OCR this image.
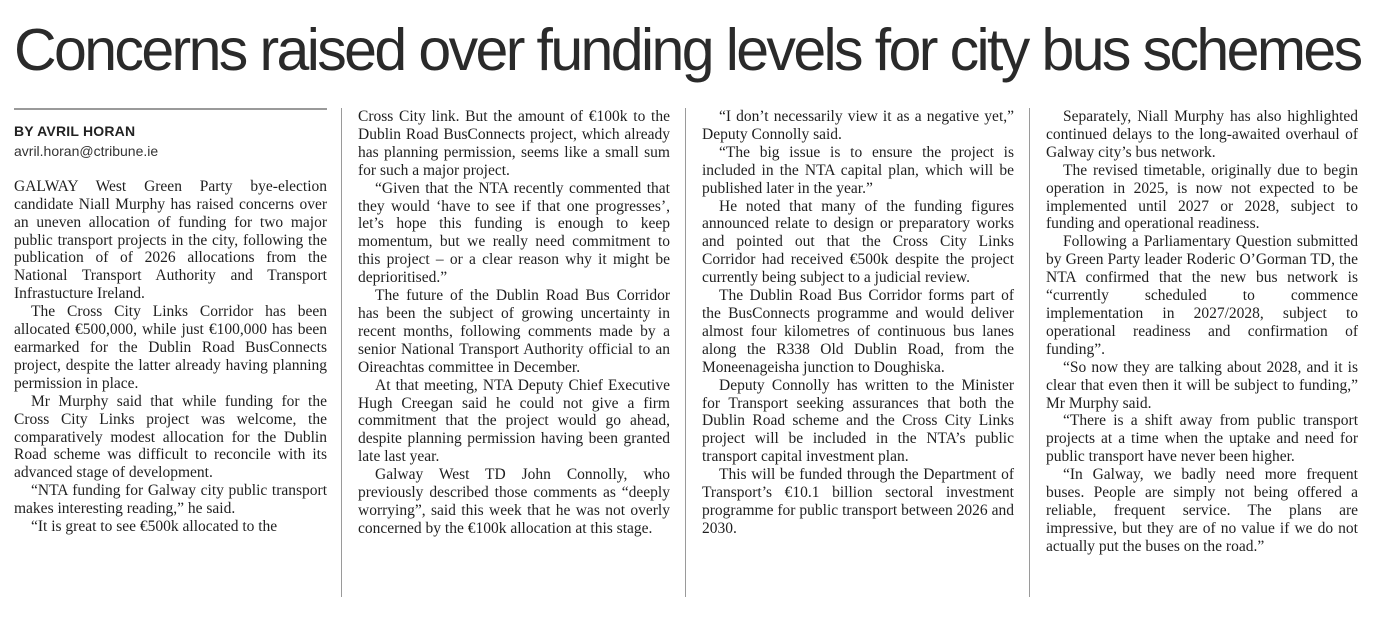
Concerns raised over funding levels for city bus schemes
BY AVRIL HORAN
avril.horan@ctribune.ie

GALWAY West Green Party bye-election candidate Niall Murphy has raised concerns over an uneven allocation of funding for two major public transport projects in the city, following the publication of of 2026 allocations from the National Transport Authority and Transport Infrastucture Ireland.

The Cross City Links Corridor has been allocated €500,000, while just €100,000 has been earmarked for the Dublin Road BusConnects project, despite the latter already having planning permission in place.

Mr Murphy said that while funding for the Cross City Links project was welcome, the comparatively modest allocation for the Dublin Road scheme was difficult to reconcile with its advanced stage of development.

“NTA funding for Galway city public transport makes interesting reading,” he said.

“It is great to see €500k allocated to the

Cross City link. But the amount of €100k to the Dublin Road BusConnects project, which already has planning permission, seems like a small sum for such a major project.

“Given that the NTA recently commented that they would ‘have to see if that one progresses’, let’s hope this funding is enough to keep momentum, but we really need commitment to this project – or a clear reason why it might be deprioritised.”

The future of the Dublin Road Bus Corridor has been the subject of growing uncertainty in recent months, following comments made by a senior National Transport Authority official to an Oireachtas committee in December.

At that meeting, NTA Deputy Chief Executive Hugh Creegan said he could not give a firm commitment that the project would go ahead, despite planning permission having been granted late last year.

Galway West TD John Connolly, who previously described those comments as “deeply worrying”, said this week that he was not overly concerned by the €100k allocation at this stage.

“I don’t necessarily view it as a negative yet,” Deputy Connolly said.

“The big issue is to ensure the project is included in the NTA capital plan, which will be published later in the year.”

He noted that many of the funding figures announced relate to design or preparatory works and pointed out that the Cross City Links Corridor had received €500k despite the project currently being subject to a judicial review.

The Dublin Road Bus Corridor forms part of the BusConnects programme and would deliver almost four kilometres of continuous bus lanes along the R338 Old Dublin Road, from the Moneenageisha junction to Doughiska.

Deputy Connolly has written to the Minister for Transport seeking assurances that both the Dublin Road scheme and the Cross City Links project will be included in the NTA’s public transport capital investment plan.

This will be funded through the Department of Transport’s €10.1 billion sectoral investment programme for public transport between 2026 and 2030.

Separately, Niall Murphy has also highlighted continued delays to the long-awaited overhaul of Galway city’s bus network.

The revised timetable, originally due to begin operation in 2025, is now not expected to be implemented until 2027 or 2028, subject to funding and operational readiness.

Following a Parliamentary Question submitted by Green Party leader Roderic O’Gorman TD, the NTA confirmed that the new bus network is “currently scheduled to commence implementation in 2027/2028, subject to operational readiness and confirmation of funding”.

“So now they are talking about 2028, and it is clear that even then it will be subject to funding,” Mr Murphy said.

“There is a shift away from public transport projects at a time when the uptake and need for public transport have never been higher.

“In Galway, we badly need more frequent buses. People are simply not being offered a reliable, frequent service. The plans are impressive, but they are of no value if we do not actually put the buses on the road.”
